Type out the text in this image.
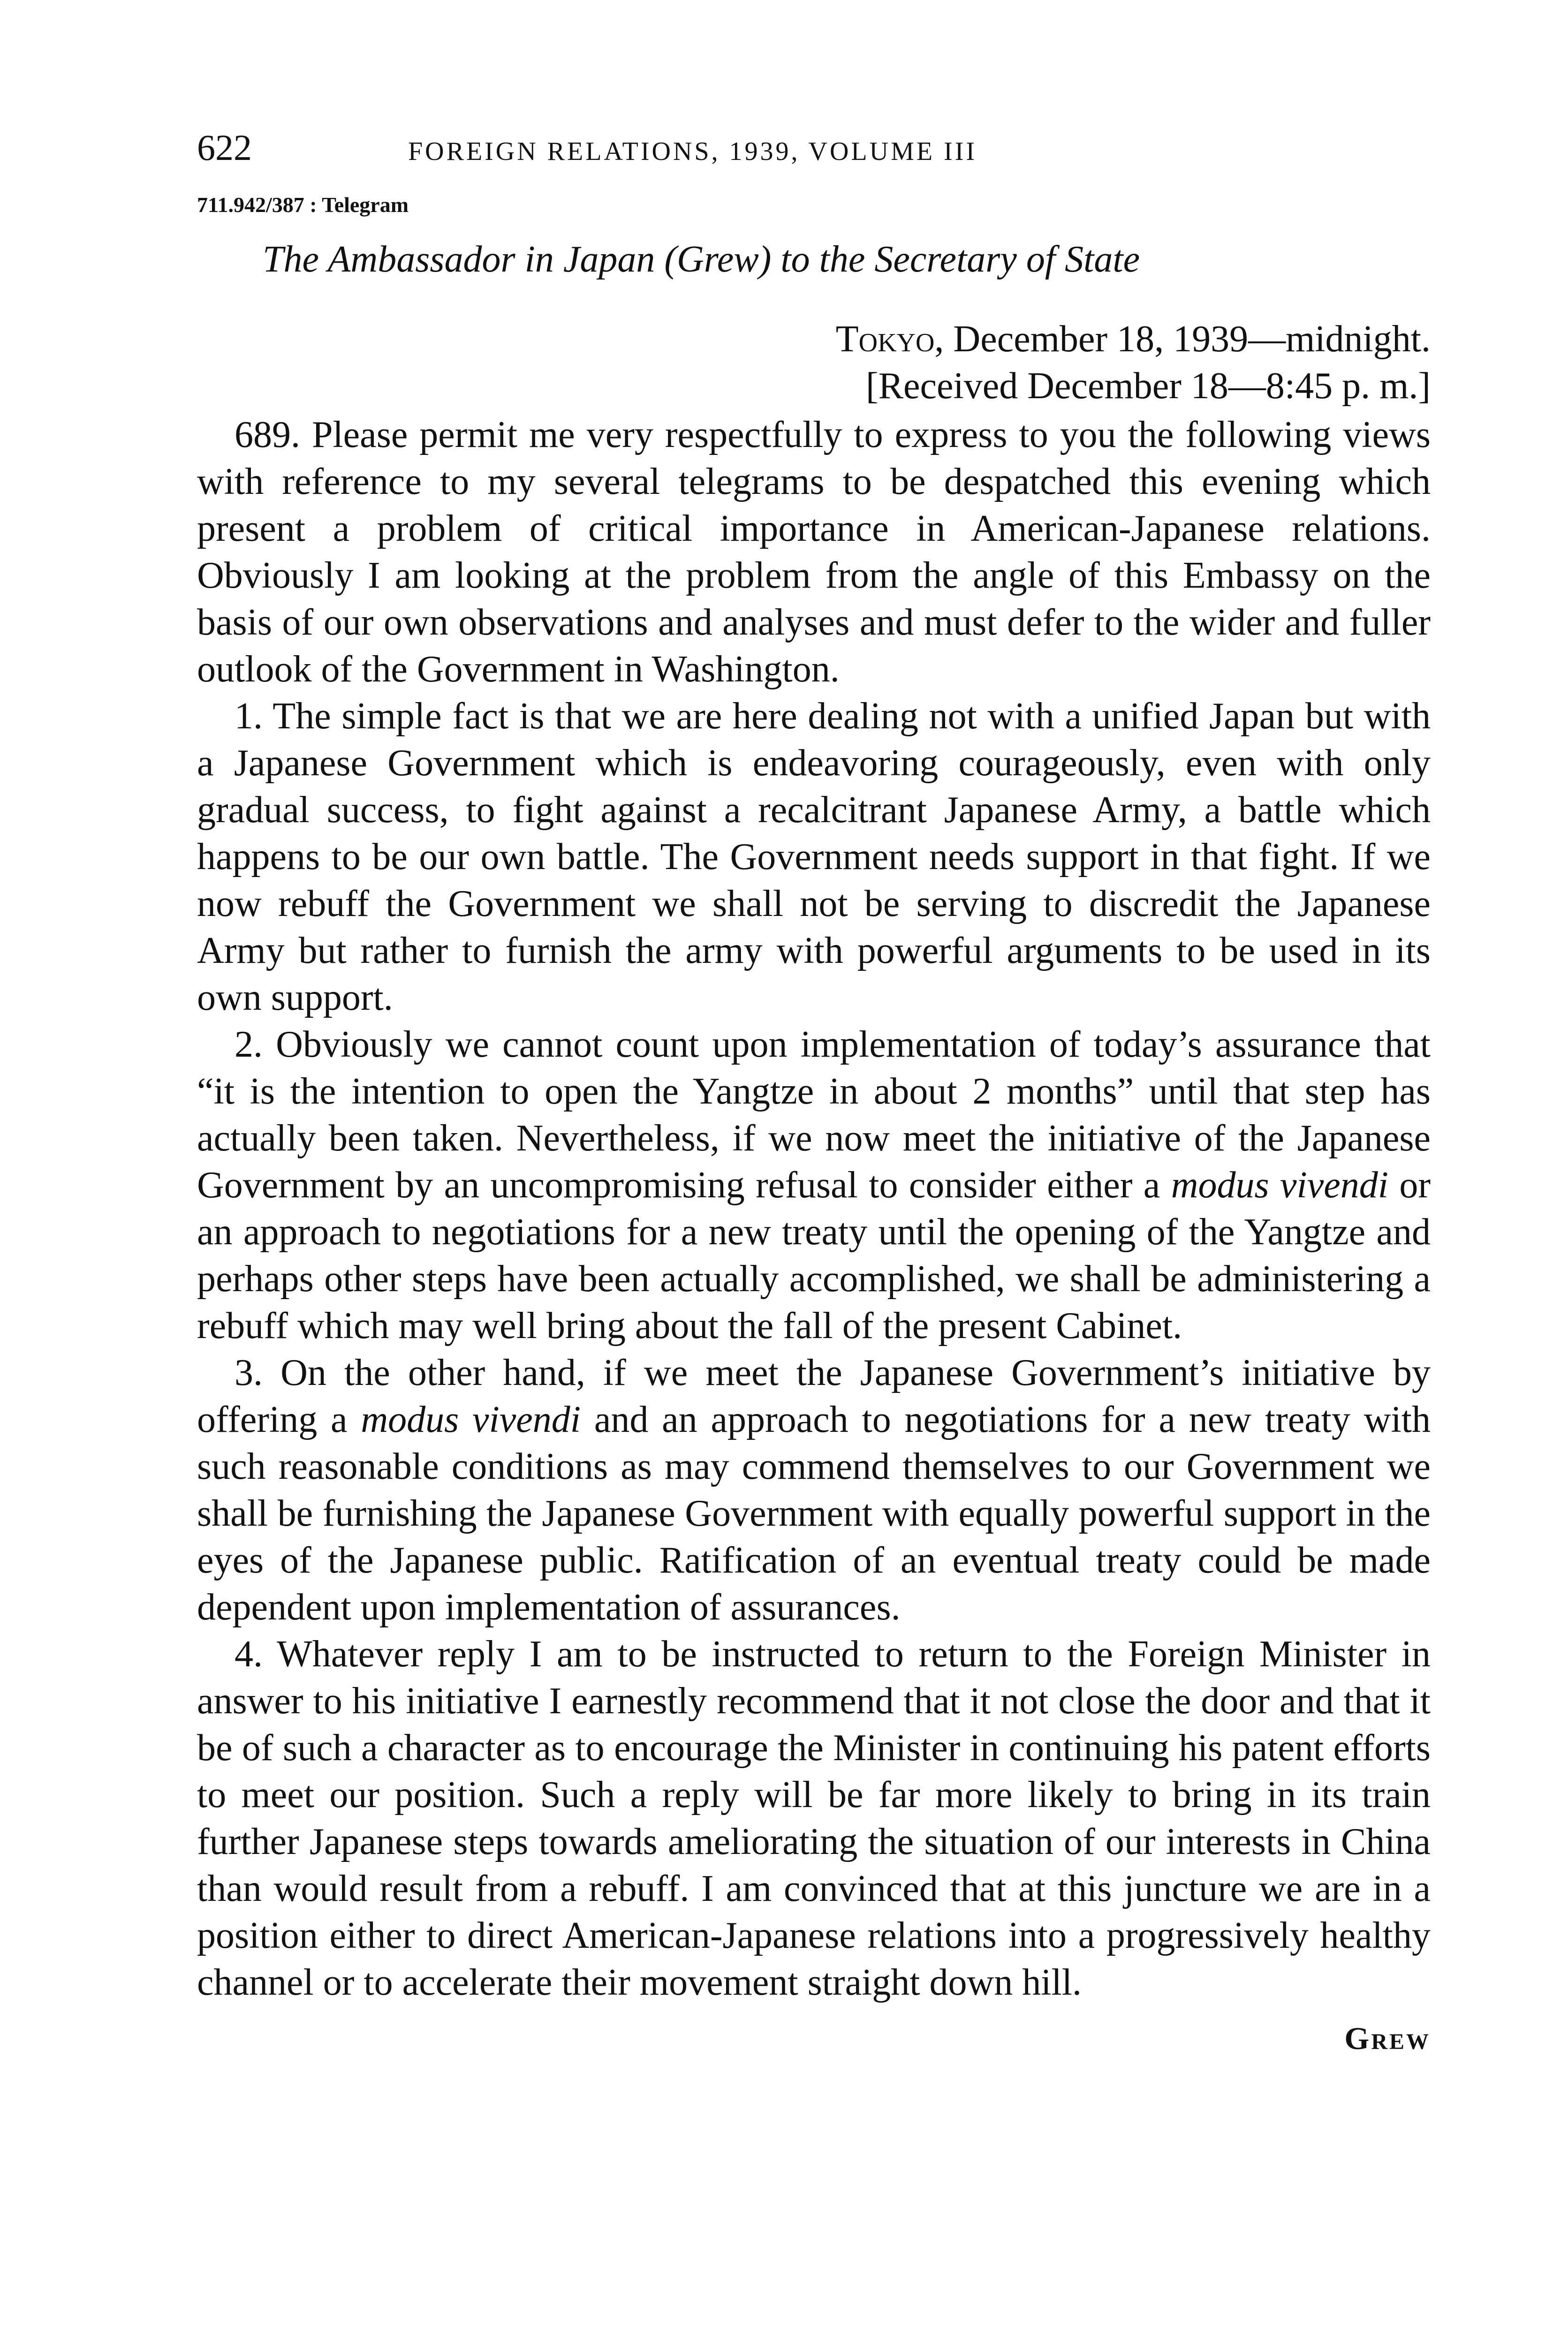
622	FOREIGN RELATIONS, 1939, VOLUME III
711.942/387 : Telegram
The Ambassador in Japan (Grew) to the Secretary of State
Tokyo, December 18, 1939—midnight.
[Received December 18—8:45 p. m.]

689. Please permit me very respectfully to express to you the following views with reference to my several telegrams to be despatched this evening which present a problem of critical importance in American-Japanese relations. Obviously I am looking at the problem from the angle of this Embassy on the basis of our own observations and analyses and must defer to the wider and fuller outlook of the Government in Washington.

1. The simple fact is that we are here dealing not with a unified Japan but with a Japanese Government which is endeavoring courageously, even with only gradual success, to fight against a recalcitrant Japanese Army, a battle which happens to be our own battle. The Government needs support in that fight. If we now rebuff the Government we shall not be serving to discredit the Japanese Army but rather to furnish the army with powerful arguments to be used in its own support.

2. Obviously we cannot count upon implementation of today’s assurance that “it is the intention to open the Yangtze in about 2 months” until that step has actually been taken. Nevertheless, if we now meet the initiative of the Japanese Government by an uncompromising refusal to consider either a modus vivendi or an approach to negotiations for a new treaty until the opening of the Yangtze and perhaps other steps have been actually accomplished, we shall be administering a rebuff which may well bring about the fall of the present Cabinet.

3. On the other hand, if we meet the Japanese Government’s initiative by offering a modus vivendi and an approach to negotiations for a new treaty with such reasonable conditions as may commend themselves to our Government we shall be furnishing the Japanese Government with equally powerful support in the eyes of the Japanese public. Ratification of an eventual treaty could be made dependent upon implementation of assurances.

4. Whatever reply I am to be instructed to return to the Foreign Minister in answer to his initiative I earnestly recommend that it not close the door and that it be of such a character as to encourage the Minister in continuing his patent efforts to meet our position. Such a reply will be far more likely to bring in its train further Japanese steps towards ameliorating the situation of our interests in China than would result from a rebuff. I am convinced that at this juncture we are in a position either to direct American-Japanese relations into a progressively healthy channel or to accelerate their movement straight down hill.

Grew
